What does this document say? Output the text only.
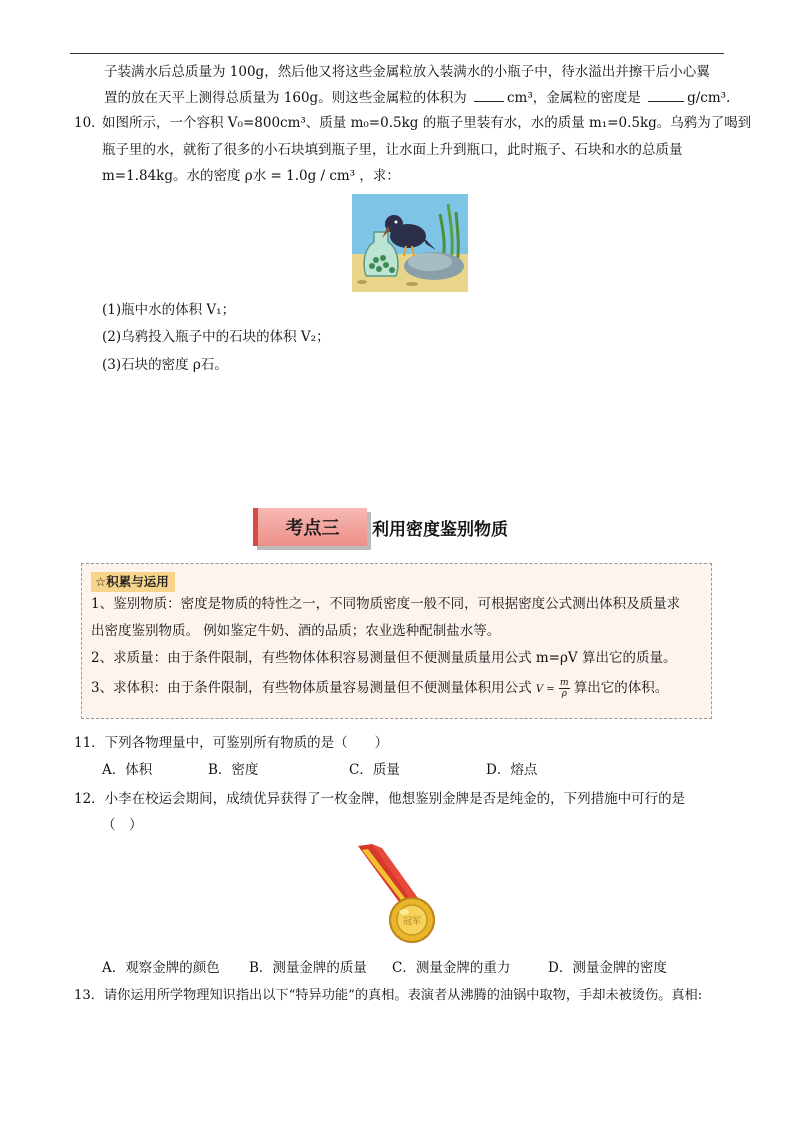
子装满水后总质量为 100g，然后他又将这些金属粒放入装满水的小瓶子中，待水溢出并擦干后小心翼
置的放在天平上测得总质量为 160g。则这些金属粒的体积为	cm³，金属粒的密度是	g/cm³.
10．
如图所示，一个容积 V₀=800cm³、质量 m₀=0.5kg 的瓶子里装有水，水的质量 m₁=0.5kg。乌鸦为了喝到
瓶子里的水，就衔了很多的小石块填到瓶子里，让水面上升到瓶口，此时瓶子、石块和水的总质量
m=1.84kg。水的密度 ρ水 = 1.0g / cm³ ，求：
(1)瓶中水的体积 V₁；
(2)乌鸦投入瓶子中的石块的体积 V₂；
(3)石块的密度 ρ石。
考点三	利用密度鉴别物质
☆积累与运用
1、鉴别物质：密度是物质的特性之一，不同物质密度一般不同，可根据密度公式测出体积及质量求
出密度鉴别物质。 例如鉴定牛奶、酒的品质；农业选种配制盐水等。
2、求质量：由于条件限制，有些物体体积容易测量但不便测量质量用公式 m=ρV 算出它的质量。
3、求体积：由于条件限制，有些物体质量容易测量但不便测量体积用公式 $V = \frac{m}{\rho}$ 算出它的体积。
11．下列各物理量中，可鉴别所有物质的是（　　）
A．体积	B．密度	C．质量	D．熔点
12．小李在校运会期间，成绩优异获得了一枚金牌，他想鉴别金牌是否是纯金的，下列措施中可行的是
（　）
冠军
A．观察金牌的颜色 B．测量金牌的质量 C．测量金牌的重力	D．测量金牌的密度
13．请你运用所学物理知识指出以下“特异功能”的真相。表演者从沸腾的油锅中取物，手却未被烫伤。真相:
